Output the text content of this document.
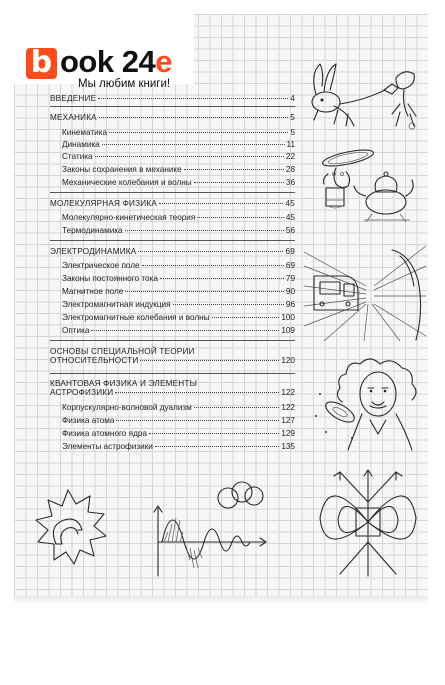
ВВЕДЕНИЕ	4
МЕХАНИКА	5
Кинематика	5
Динамика	11
Статика	22
Законы сохранения в механике	28
Механические колебания и волны	36
МОЛЕКУЛЯРНАЯ ФИЗИКА	45
Молекулярно-кинетическая теория	45
Термодинамика	56
ЭЛЕКТРОДИНАМИКА	69
Электрическое поле	69
Законы постоянного тока	79
Магнитное поле	90
Электромагнитная индукция	96
Электромагнитные колебания и волны	100
Оптика	109
ОСНОВЫ СПЕЦИАЛЬНОЙ ТЕОРИИ
ОТНОСИТЕЛЬНОСТИ	120
КВАНТОВАЯ ФИЗИКА И ЭЛЕМЕНТЫ
АСТРОФИЗИКИ	122
Корпускулярно-волновой дуализм	122
Физика атома	127
Физика атомного ядра	129
Элементы астрофизики	135
b ook 24е
Мы любим книги!
